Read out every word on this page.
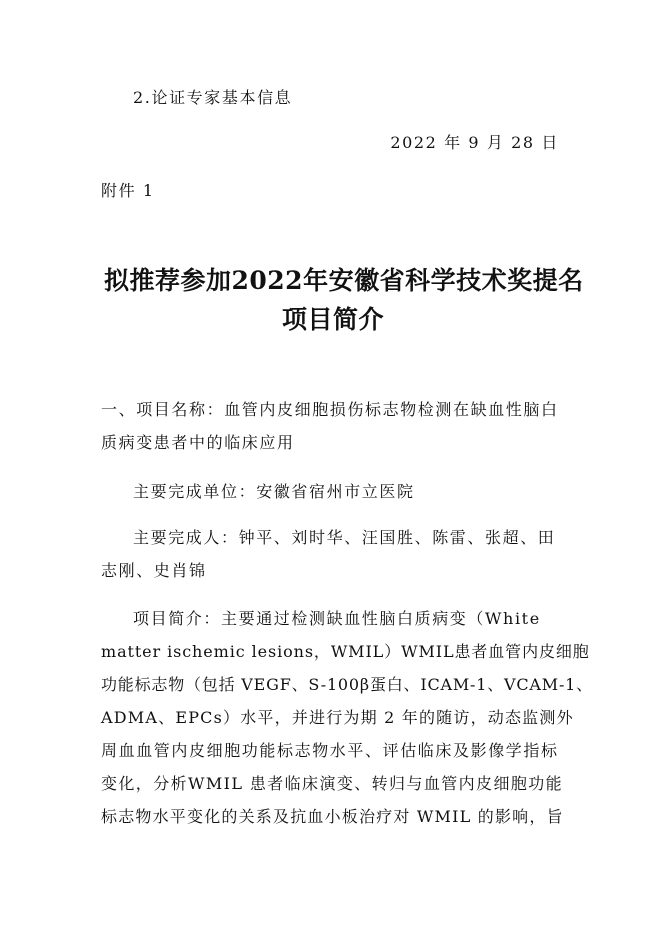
2.论证专家基本信息
2022 年 9 月 28 日
附件 1
拟推荐参加2022年安徽省科学技术奖提名
项目简介
一、项目名称：血管内皮细胞损伤标志物检测在缺血性脑白
质病变患者中的临床应用
主要完成单位：安徽省宿州市立医院
主要完成人：钟平、刘时华、汪国胜、陈雷、张超、田
志刚、史肖锦
项目简介：主要通过检测缺血性脑白质病变（White
matter ischemic lesions，WMIL）WMIL患者血管内皮细胞
功能标志物（包括 VEGF、S-100β蛋白、ICAM-1、VCAM-1、
ADMA、EPCs）水平，并进行为期 2 年的随访，动态监测外
周血血管内皮细胞功能标志物水平、评估临床及影像学指标
变化，分析WMIL 患者临床演变、转归与血管内皮细胞功能
标志物水平变化的关系及抗血小板治疗对 WMIL 的影响，旨
